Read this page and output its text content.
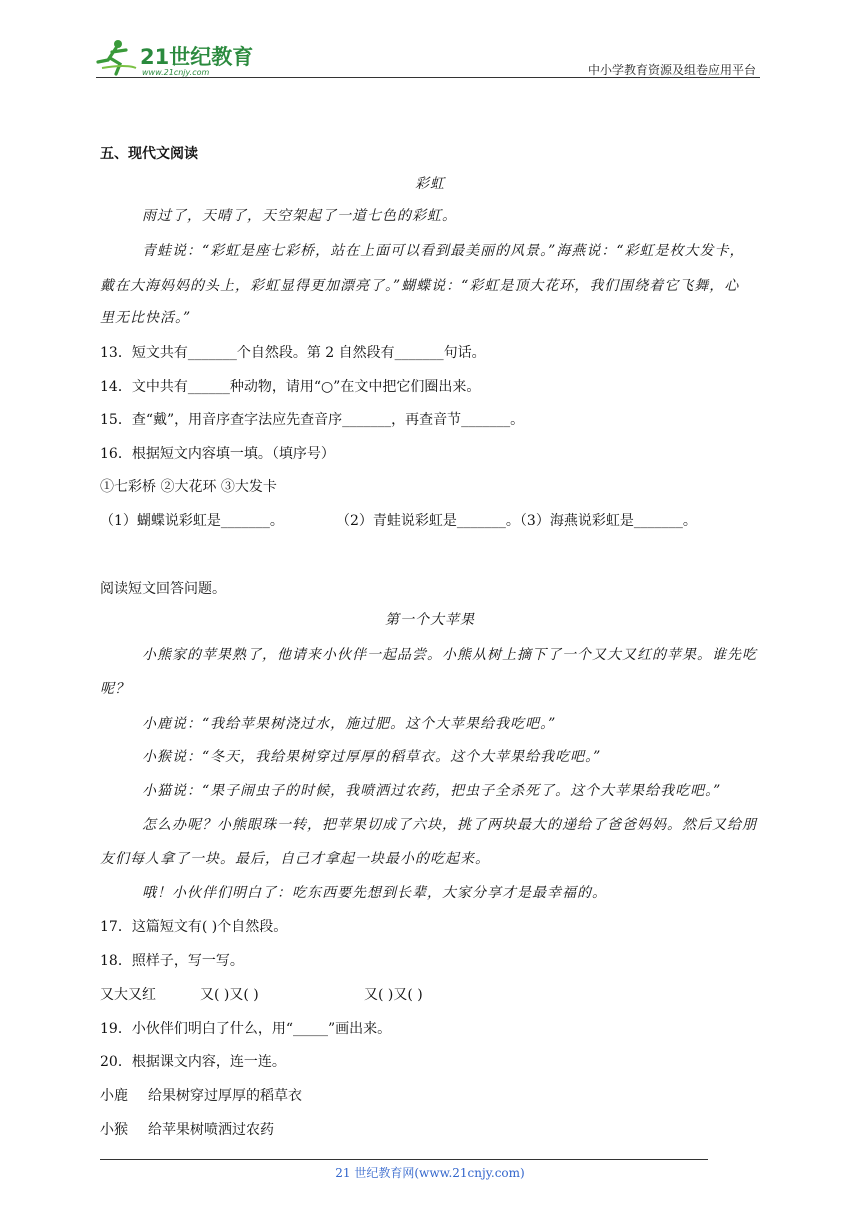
21世纪教育
www.21cnjy.com	中小学教育资源及组卷应用平台
五、现代文阅读
彩虹
雨过了，天晴了，天空架起了一道七色的彩虹。
青蛙说：“彩虹是座七彩桥，站在上面可以看到最美丽的风景。”海燕说：“彩虹是枚大发卡，
戴在大海妈妈的头上，彩虹显得更加漂亮了。”蝴蝶说：“彩虹是顶大花环，我们围绕着它飞舞，心
里无比快活。”
13．短文共有_______个自然段。第 2 自然段有_______句话。
14．文中共有______种动物，请用“○”在文中把它们圈出来。
15．查“戴”，用音序查字法应先查音序_______，再查音节_______。
16．根据短文内容填一填。（填序号）
①七彩桥 ②大花环 ③大发卡
（1）蝴蝶说彩虹是_______。	（2）青蛙说彩虹是_______。（3）海燕说彩虹是_______。
阅读短文回答问题。
第一个大苹果
小熊家的苹果熟了，他请来小伙伴一起品尝。小熊从树上摘下了一个又大又红的苹果。谁先吃
呢？
小鹿说：“我给苹果树浇过水，施过肥。这个大苹果给我吃吧。”
小猴说：“冬天，我给果树穿过厚厚的稻草衣。这个大苹果给我吃吧。”
小猫说：“果子闹虫子的时候，我喷洒过农药，把虫子全杀死了。这个大苹果给我吃吧。”
怎么办呢？小熊眼珠一转，把苹果切成了六块，挑了两块最大的递给了爸爸妈妈。然后又给朋
友们每人拿了一块。最后，自己才拿起一块最小的吃起来。
哦！小伙伴们明白了：吃东西要先想到长辈，大家分享才是最幸福的。
17．这篇短文有( )个自然段。
18．照样子，写一写。
又大又红	又( )又( )	又( )又( )
19．小伙伴们明白了什么，用“_____”画出来。
20．根据课文内容，连一连。
小鹿 给果树穿过厚厚的稻草衣
小猴 给苹果树喷洒过农药
21 世纪教育网(www.21cnjy.com)
